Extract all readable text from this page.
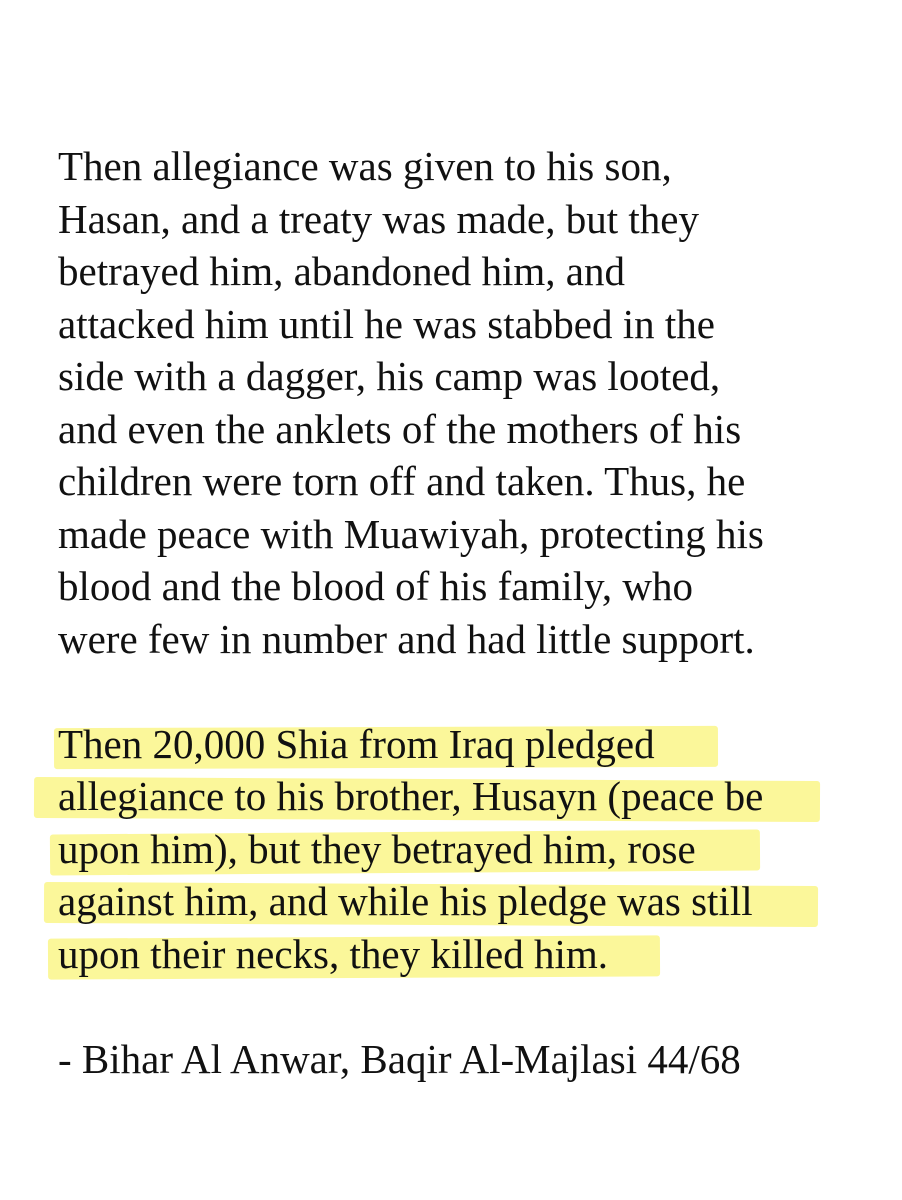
Then allegiance was given to his son,
Hasan, and a treaty was made, but they
betrayed him, abandoned him, and
attacked him until he was stabbed in the
side with a dagger, his camp was looted,
and even the anklets of the mothers of his
children were torn off and taken. Thus, he
made peace with Muawiyah, protecting his
blood and the blood of his family, who
were few in number and had little support.
Then 20,000 Shia from Iraq pledged
allegiance to his brother, Husayn (peace be
upon him), but they betrayed him, rose
against him, and while his pledge was still
upon their necks, they killed him.
- Bihar Al Anwar, Baqir Al-Majlasi 44/68
